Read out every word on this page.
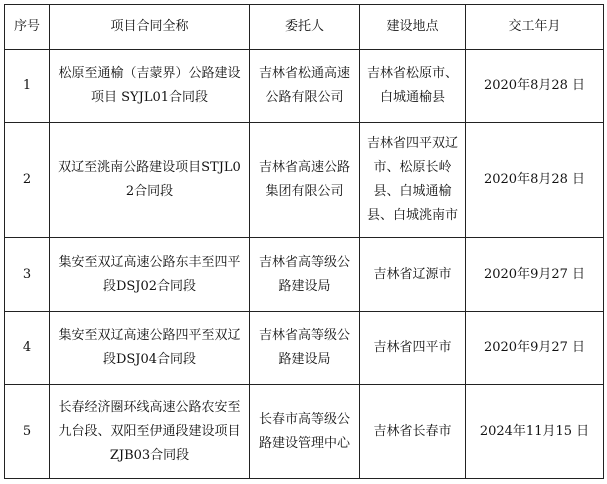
序号	项目合同全称	委托人	建设地点	交工年月
1	松原至通榆（吉蒙界）公路建设项目 SYJL01合同段	吉林省松通高速公路有限公司	吉林省松原市、白城通榆县	2020年8月28 日
2	双辽至洮南公路建设项目STJL02合同段	吉林省高速公路集团有限公司	吉林省四平双辽市、松原长岭县、白城通榆县、白城洮南市	2020年8月28 日
3	集安至双辽高速公路东丰至四平段DSJ02合同段	吉林省高等级公路建设局	吉林省辽源市	2020年9月27 日
4	集安至双辽高速公路四平至双辽段DSJ04合同段	吉林省高等级公路建设局	吉林省四平市	2020年9月27 日
5	长春经济圈环线高速公路农安至九台段、双阳至伊通段建设项目ZJB03合同段	长春市高等级公路建设管理中心	吉林省长春市	2024年11月15 日
